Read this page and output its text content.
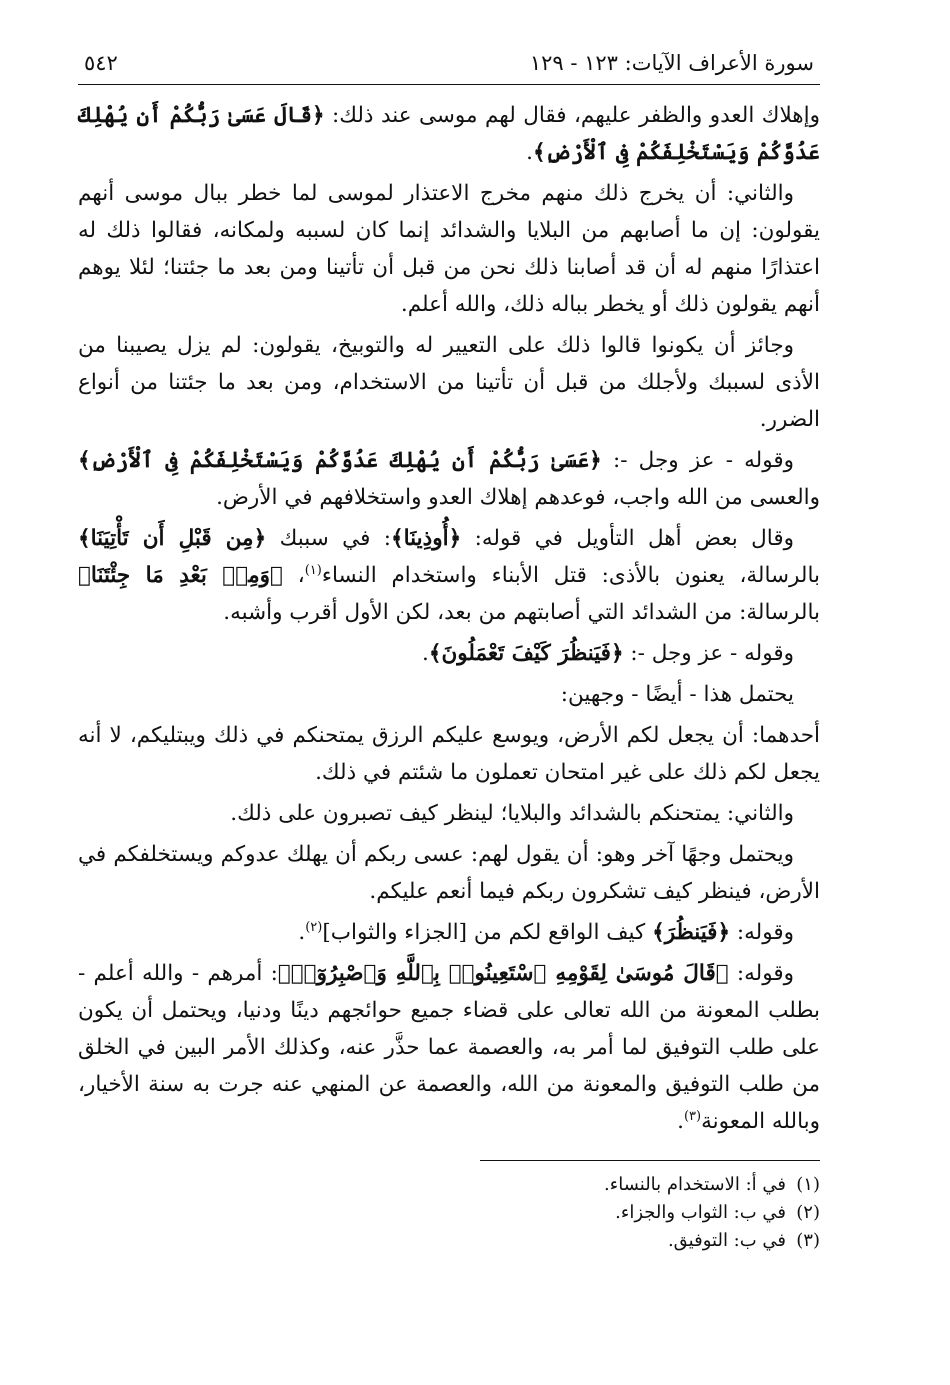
سورة الأعراف الآيات: ١٢٣ - ١٢٩
٥٤٢

وإهلاك العدو والظفر عليهم، فقال لهم موسى عند ذلك: ﴿قَالَ عَسَىٰ رَبُّكُمْ أَن يُهْلِكَ عَدُوَّكُمْ وَيَسْتَخْلِفَكُمْ فِى ٱلْأَرْضِ﴾.

والثاني: أن يخرج ذلك منهم مخرج الاعتذار لموسى لما خطر ببال موسى أنهم يقولون: إن ما أصابهم من البلايا والشدائد إنما كان لسببه ولمكانه، فقالوا ذلك له اعتذارًا منهم له أن قد أصابنا ذلك نحن من قبل أن تأتينا ومن بعد ما جئتنا؛ لئلا يوهم أنهم يقولون ذلك أو يخطر بباله ذلك، والله أعلم.

وجائز أن يكونوا قالوا ذلك على التعيير له والتوبيخ، يقولون: لم يزل يصيبنا من الأذى لسببك ولأجلك من قبل أن تأتينا من الاستخدام، ومن بعد ما جئتنا من أنواع الضرر.

وقوله - عز وجل -: ﴿عَسَىٰ رَبُّكُمْ أَن يُهْلِكَ عَدُوَّكُمْ وَيَسْتَخْلِفَكُمْ فِى ٱلْأَرْضِ﴾ والعسى من الله واجب، فوعدهم إهلاك العدو واستخلافهم في الأرض.

وقال بعض أهل التأويل في قوله: ﴿أُوذِينَا﴾: في سببك ﴿مِن قَبْلِ أَن تَأْتِيَنَا﴾ بالرسالة، يعنون بالأذى: قتل الأبناء واستخدام النساء$^{(١)}$، ﴿وَمِنۢ بَعْدِ مَا جِئْتَنَا﴾ بالرسالة: من الشدائد التي أصابتهم من بعد، لكن الأول أقرب وأشبه.

وقوله - عز وجل -: ﴿فَيَنظُرَ كَيْفَ تَعْمَلُونَ﴾.

يحتمل هذا - أيضًا - وجهين:

أحدهما: أن يجعل لكم الأرض، ويوسع عليكم الرزق يمتحنكم في ذلك ويبتليكم، لا أنه يجعل لكم ذلك على غير امتحان تعملون ما شئتم في ذلك.

والثاني: يمتحنكم بالشدائد والبلايا؛ لينظر كيف تصبرون على ذلك.

ويحتمل وجهًا آخر وهو: أن يقول لهم: عسى ربكم أن يهلك عدوكم ويستخلفكم في الأرض، فينظر كيف تشكرون ربكم فيما أنعم عليكم.

وقوله: ﴿فَيَنظُرَ﴾ كيف الواقع لكم من [الجزاء والثواب]$^{(٢)}$.

وقوله: ﴿قَالَ مُوسَىٰ لِقَوْمِهِ ٱسْتَعِينُوا۟ بِٱللَّهِ وَٱصْبِرُوٓا۟﴾: أمرهم - والله أعلم - بطلب المعونة من الله تعالى على قضاء جميع حوائجهم دينًا ودنيا، ويحتمل أن يكون على طلب التوفيق لما أمر به، والعصمة عما حذَّر عنه، وكذلك الأمر البين في الخلق من طلب التوفيق والمعونة من الله، والعصمة عن المنهي عنه جرت به سنة الأخيار، وبالله المعونة$^{(٣)}$.

(١)في أ: الاستخدام بالنساء.
(٢)في ب: الثواب والجزاء.
(٣)في ب: التوفيق.
